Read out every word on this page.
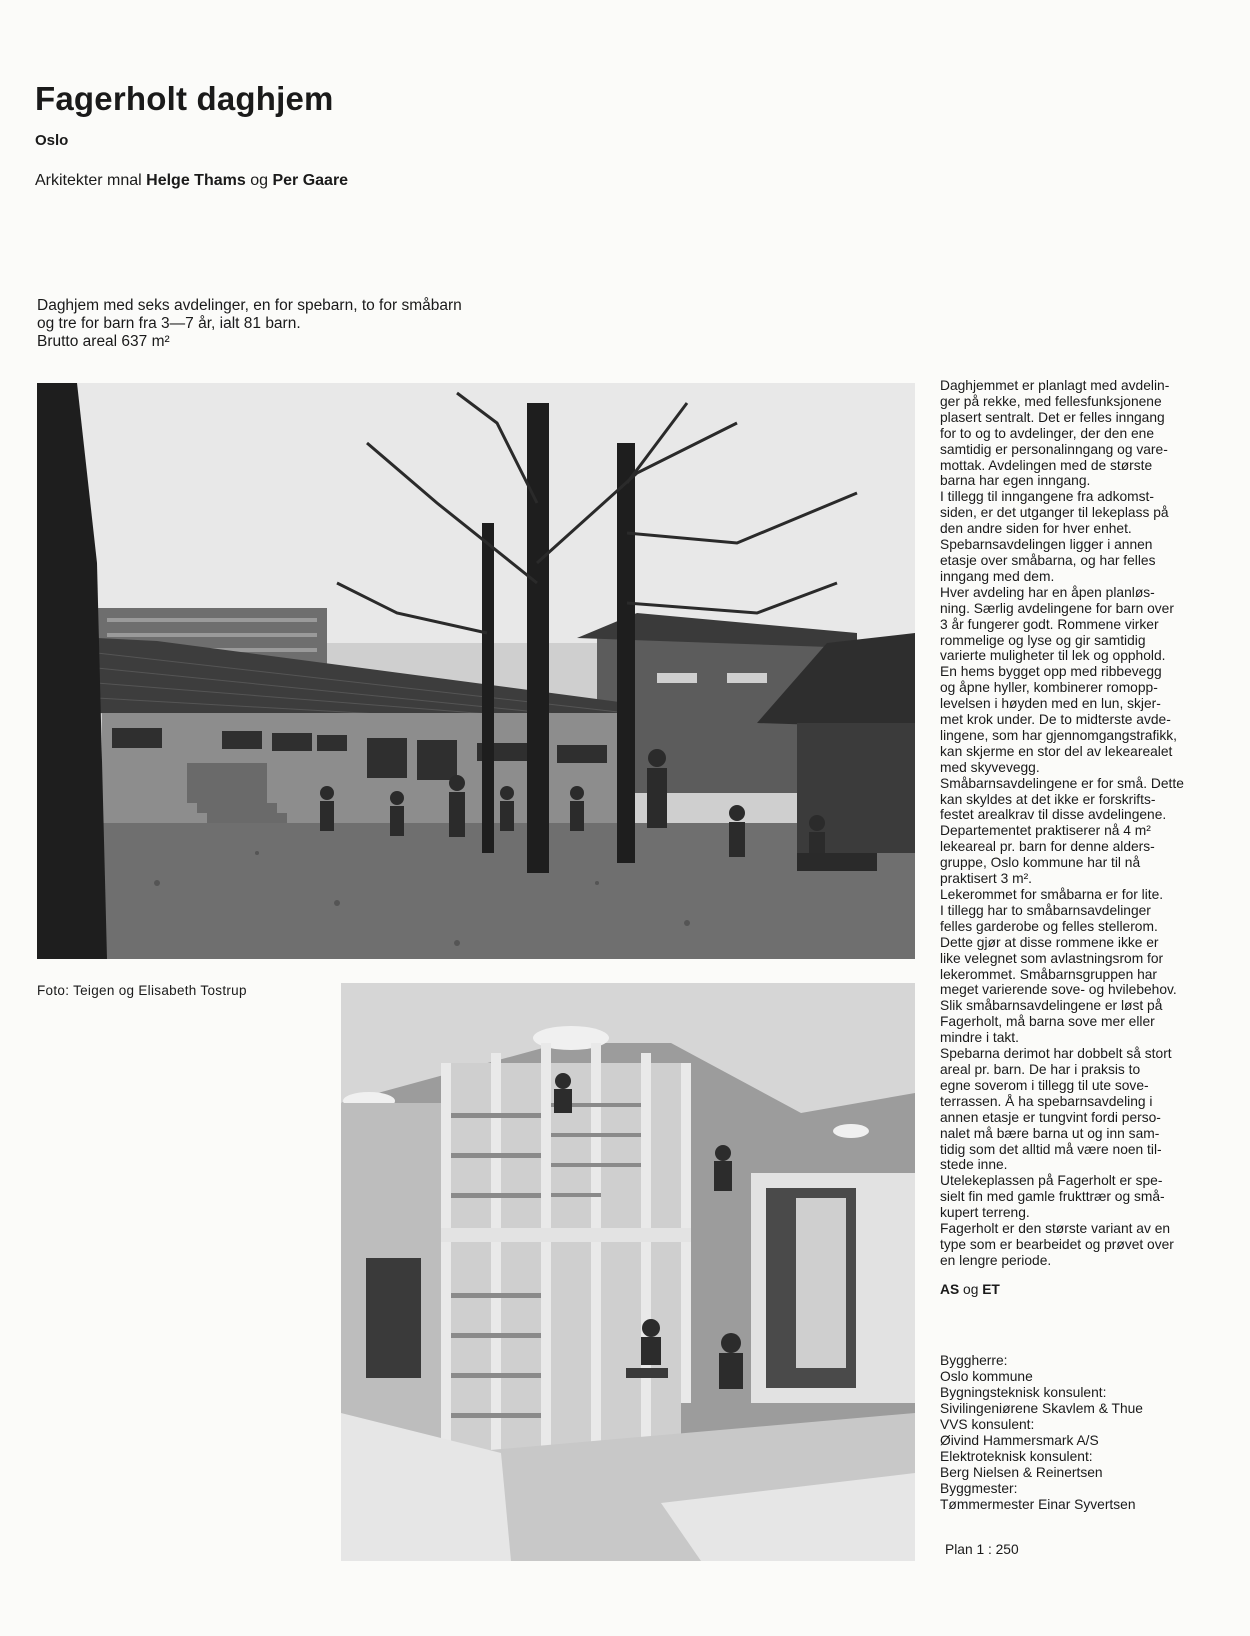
Fagerholt daghjem
Oslo
Arkitekter mnal Helge Thams og Per Gaare
Daghjem med seks avdelinger, en for spebarn, to for småbarn
og tre for barn fra 3—7 år, ialt 81 barn.
Brutto areal 637 m²
Foto: Teigen og Elisabeth Tostrup
Daghjemmet er planlagt med avdelin-
ger på rekke, med fellesfunksjonene
plasert sentralt. Det er felles inngang
for to og to avdelinger, der den ene
samtidig er personalinngang og vare-
mottak. Avdelingen med de største
barna har egen inngang.
I tillegg til inngangene fra adkomst-
siden, er det utganger til lekeplass på
den andre siden for hver enhet.
Spebarnsavdelingen ligger i annen
etasje over småbarna, og har felles
inngang med dem.
Hver avdeling har en åpen planløs-
ning. Særlig avdelingene for barn over
3 år fungerer godt. Rommene virker
rommelige og lyse og gir samtidig
varierte muligheter til lek og opphold.
En hems bygget opp med ribbevegg
og åpne hyller, kombinerer romopp-
levelsen i høyden med en lun, skjer-
met krok under. De to midterste avde-
lingene, som har gjennomgangstrafikk,
kan skjerme en stor del av lekearealet
med skyvevegg.
Småbarnsavdelingene er for små. Dette
kan skyldes at det ikke er forskrifts-
festet arealkrav til disse avdelingene.
Departementet praktiserer nå 4 m²
lekeareal pr. barn for denne alders-
gruppe, Oslo kommune har til nå
praktisert 3 m².
Lekerommet for småbarna er for lite.
I tillegg har to småbarnsavdelinger
felles garderobe og felles stellerom.
Dette gjør at disse rommene ikke er
like velegnet som avlastningsrom for
lekerommet. Småbarnsgruppen har
meget varierende sove- og hvilebehov.
Slik småbarnsavdelingene er løst på
Fagerholt, må barna sove mer eller
mindre i takt.
Spebarna derimot har dobbelt så stort
areal pr. barn. De har i praksis to
egne soverom i tillegg til ute sove-
terrassen. Å ha spebarnsavdeling i
annen etasje er tungvint fordi perso-
nalet må bære barna ut og inn sam-
tidig som det alltid må være noen til-
stede inne.
Utelekeplassen på Fagerholt er spe-
sielt fin med gamle frukttrær og små-
kupert terreng.
Fagerholt er den største variant av en
type som er bearbeidet og prøvet over
en lengre periode.
AS og ET
Byggherre:
Oslo kommune
Bygningsteknisk konsulent:
Sivilingeniørene Skavlem & Thue
VVS konsulent:
Øivind Hammersmark A/S
Elektroteknisk konsulent:
Berg Nielsen & Reinertsen
Byggmester:
Tømmermester Einar Syvertsen
Plan 1 : 250
